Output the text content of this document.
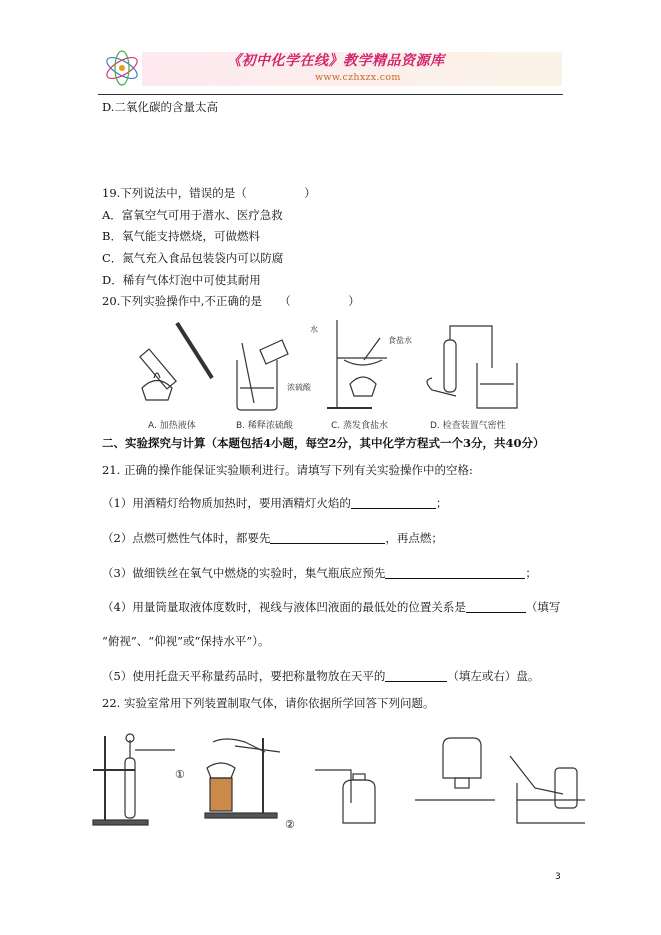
《初中化学在线》教学精品资源库
www.czhxzx.com
D.二氧化碳的含量太高
19.下列说法中，错误的是（　　　　　）
A．富氧空气可用于潜水、医疗急救
B．氧气能支持燃烧，可做燃料
C．氮气充入食品包装袋内可以防腐
D．稀有气体灯泡中可使其耐用
20.下列实验操作中,不正确的是　　（　　　　　）
水
浓硫酸
食盐水
A. 加热液体	B. 稀释浓硫酸	C. 蒸发食盐水	D. 检查装置气密性
二、实验探究与计算（本题包括4小题，每空2分，其中化学方程式一个3分，共40分）
21. 正确的操作能保证实验顺利进行。请填写下列有关实验操作中的空格:
（1）用酒精灯给物质加热时，要用酒精灯火焰的	；
（2）点燃可燃性气体时，都要先	，再点燃；
（3）做细铁丝在氧气中燃烧的实验时，集气瓶底应预先	；
（4）用量筒量取液体度数时，视线与液体凹液面的最低处的位置关系是	（填写
“俯视”、“仰视”或“保持水平”）。
（5）使用托盘天平称量药品时，要把称量物放在天平的	（填左或右）盘。
22. 实验室常用下列装置制取气体，请你依据所学回答下列问题。
①
②
3
